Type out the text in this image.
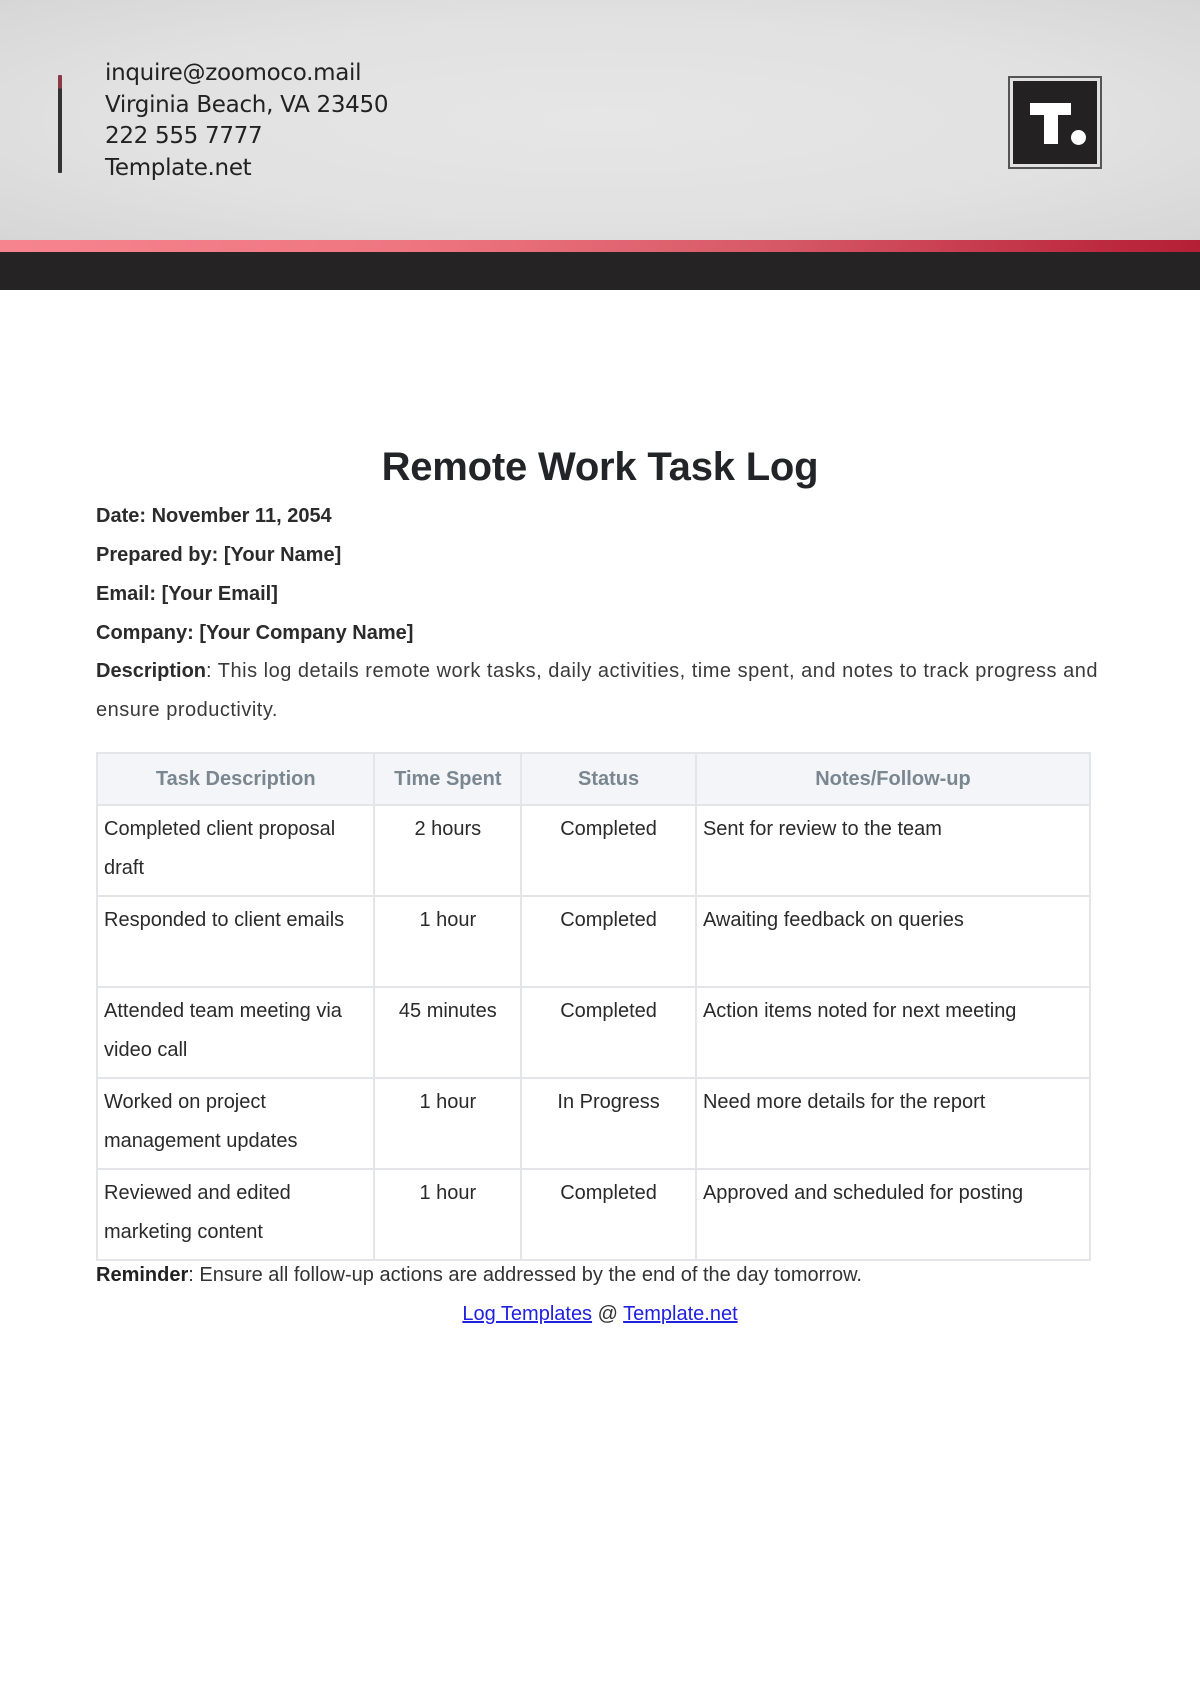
inquire@zoomoco.mail
Virginia Beach, VA 23450
222 555 7777
Template.net
Remote Work Task Log
Date: November 11, 2054
Prepared by: [Your Name]
Email: [Your Email]
Company: [Your Company Name]
Description: This log details remote work tasks, daily activities, time spent, and notes to track progress and ensure productivity.
Task Description	Time Spent	Status	Notes/Follow-up
Completed client proposal draft	2 hours	Completed	Sent for review to the team
Responded to client emails	1 hour	Completed	Awaiting feedback on queries
Attended team meeting via video call	45 minutes	Completed	Action items noted for next meeting
Worked on project management updates	1 hour	In Progress	Need more details for the report
Reviewed and edited marketing content	1 hour	Completed	Approved and scheduled for posting
Reminder: Ensure all follow-up actions are addressed by the end of the day tomorrow.
Log Templates @ Template.net
